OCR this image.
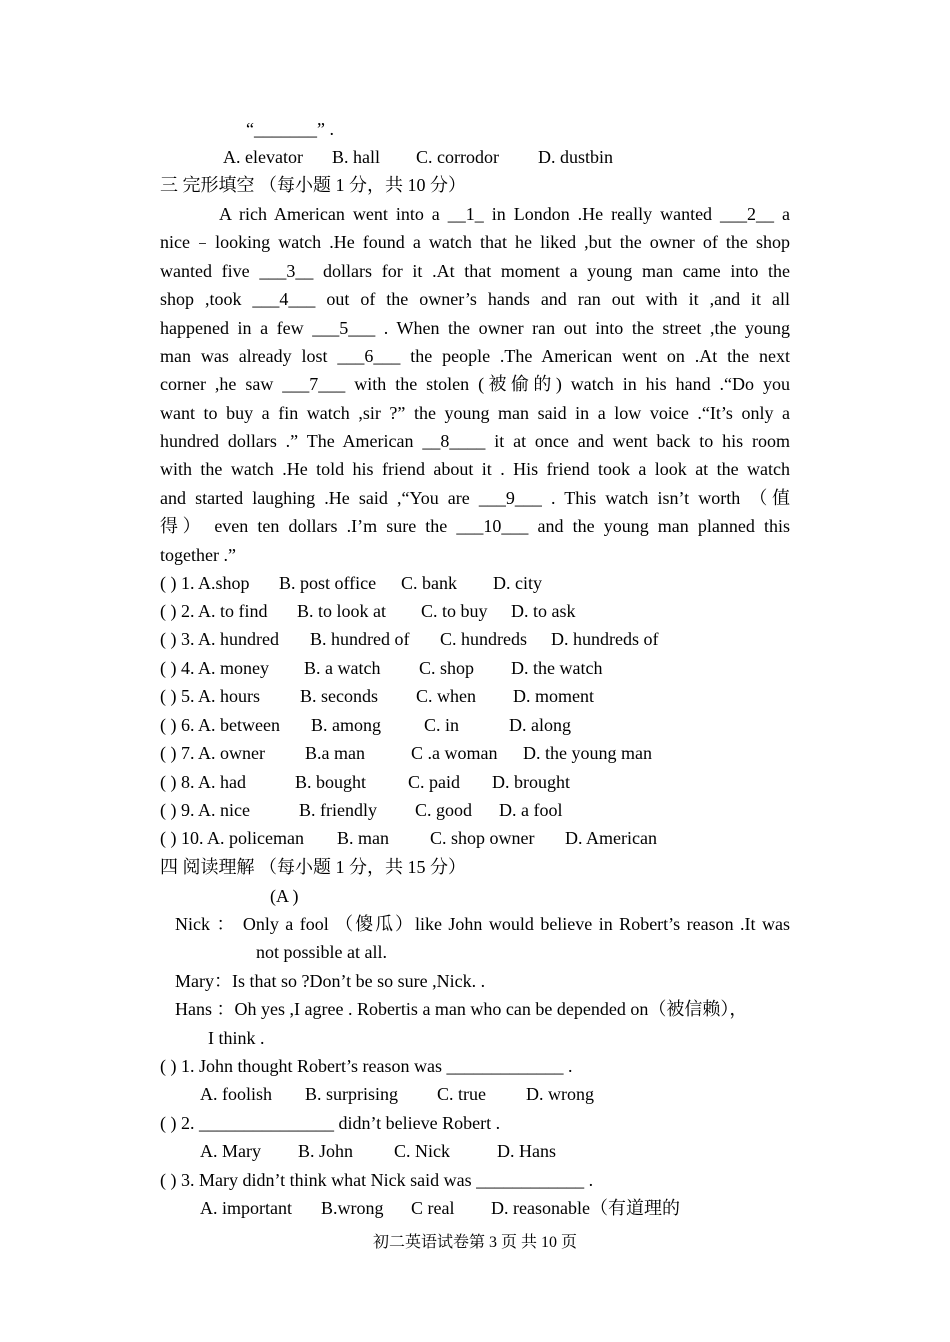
“_______” .
A. elevator B. hall C. corrodor D. dustbin
三 完形填空 （每小题 1 分，共 10 分）
A rich American went into a __1_ in London .He really wanted ___2__ a
nice﹣looking watch .He found a watch that he liked ,but the owner of the shop
wanted five ___3__ dollars for it .At that moment a young man came into the
shop ,took ___4___ out of the owner’s hands and ran out with it ,and it all
happened in a few ___5___ . When the owner ran out into the street ,the young
man was already lost ___6___ the people .The American went on .At the next
corner ,he saw ___7___ with the stolen (被偷的) watch in his hand .“Do you
want to buy a fin watch ,sir ?” the young man said in a low voice .“It’s only a
hundred dollars .” The American __8____ it at once and went back to his room
with the watch .He told his friend about it . His friend took a look at the watch
and started laughing .He said ,“You are ___9___ . This watch isn’t worth （值
得） even ten dollars .I’m sure the ___10___ and the young man planned this
together .”
( ) 1. A.shop B. post office C. bank D. city
( ) 2. A. to find B. to look at C. to buy D. to ask
( ) 3. A. hundred B. hundred of C. hundreds D. hundreds of
( ) 4. A. money B. a watch C. shop D. the watch
( ) 5. A. hours B. seconds C. when D. moment
( ) 6. A. between B. among C. in	D. along
( ) 7. A. owner B.a man	C .a woman D. the young man
( ) 8. A. had	B. bought C. paid D. brought
( ) 9. A. nice	B. friendly C. good D. a fool
( ) 10. A. policeman B. man C. shop owner D. American
四 阅读理解 （每小题 1 分，共 15 分）
(A )
Nick ： Only a fool （傻瓜）like John would believe in Robert’s reason .It was
not possible at all.
Mary：Is that so ?Don’t be so sure ,Nick. .
Hans ：Oh yes ,I agree . Robertis a man who can be depended on（被信赖），
I think .
( ) 1. John thought Robert’s reason was _____________ .
A. foolish B. surprising C. true D. wrong
( ) 2. _______________ didn’t believe Robert .
A. Mary B. John C. Nick	D. Hans
( ) 3. Mary didn’t think what Nick said was ____________ .
A. important B.wrong C real D. reasonable（有道理的
初二英语试卷第 3 页 共 10 页
